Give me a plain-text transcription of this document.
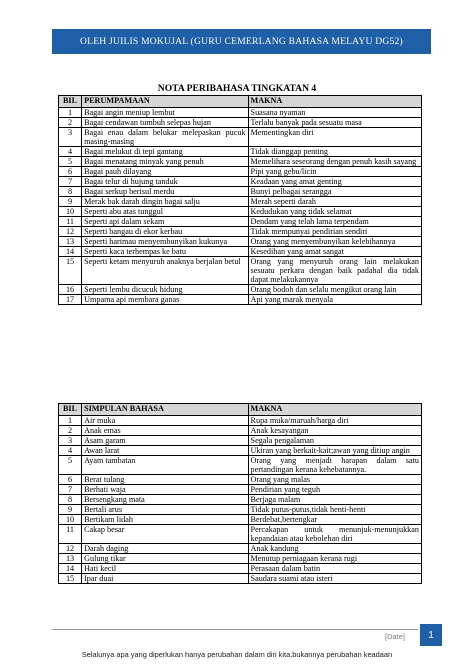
OLEH JUILIS MOKUJAL (GURU CEMERLANG BAHASA MELAYU DG52)
NOTA PERIBAHASA TINGKATAN 4
BIL	PERUMPAMAAN	MAKNA
1	Bagai angin meniup lembut	Suasana nyaman
2	Bagai cendawan tumbuh selepas hujan	Terlalu banyak pada sesuatu masa
3	Bagai enau dalam belukar melepaskan pucuk masing-masing	Mementingkan diri
4	Bagai melukut di tepi gantang	Tidak dianggap penting
5	Bagai menatang minyak yang penuh	Memelihara seseorang dengan penuh kasih sayang
6	Bagai pauh dilayang	Pipi yang gebu/licin
7	Bagai telur di hujung tanduk	Keadaan yang amat genting
8	Bagai serkup berisul merdu	Bunyi pelbagai serangga
9	Merak bak darah dingin bagai salju	Merah seperti darah
10	Seperti abu atas tunggul	Kedudukan yang tidak selamat
11	Seperti api dalam sekam	Dendam yang telah lama terpendam
12	Seperti bangau di ekor kerbau	Tidak mempunyai pendirian sendiri
13	Seperti harimau menyembunyikan kukunya	Orang yang menyembunyikan kelebihannya
14	Seperti kaca terhempas ke batu	Kesedihan yang amat sangat
15	Seperti ketam menyuruh anaknya berjalan betul	Orang yang menyuruh orang lain melakukan sesuatu perkara dengan baik padahal dia tidak dapat melakukannya
16	Seperti lembu dicucuk hidung	Orang bodoh dan selalu mengikut orang lain
17	Umpama api membara ganas	Api yang marak menyala
BIL	SIMPULAN BAHASA	MAKNA
1	Air muka	Rupa muka/maruah/harga diri
2	Anak emas	Anak kesayangan
3	Asam garam	Segala pengalaman
4	Awan larat	Ukiran yang berkait-kait;awan yang ditiup angin
5	Ayam tambatan	Orang yang menjadi harapan dalam satu pertandingan kerana kehebatannya.
6	Berat tulang	Orang yang malas
7	Berhati waja	Pendirian yang teguh
8	Bersengkang mata	Berjaga malam
9	Bertali arus	Tidak putus-putus,tidak henti-henti
10	Bertikam lidah	Berdebat,bertengkar
11	Cakap besar	Percakapan untuk menunjuk-menunjukkan kepandaian atau kebolehan diri
12	Darah daging	Anak kandung
13	Gulung tikar	Menutup perniagaan kerana rugi
14	Hati kecil	Perasaan dalam batin
15	Ipar duai	Saudara suami atau isteri
[Date]	1
Selalunya apa yang diperlukan hanya perubahan dalam diri kita,bukannya perubahan keadaan
